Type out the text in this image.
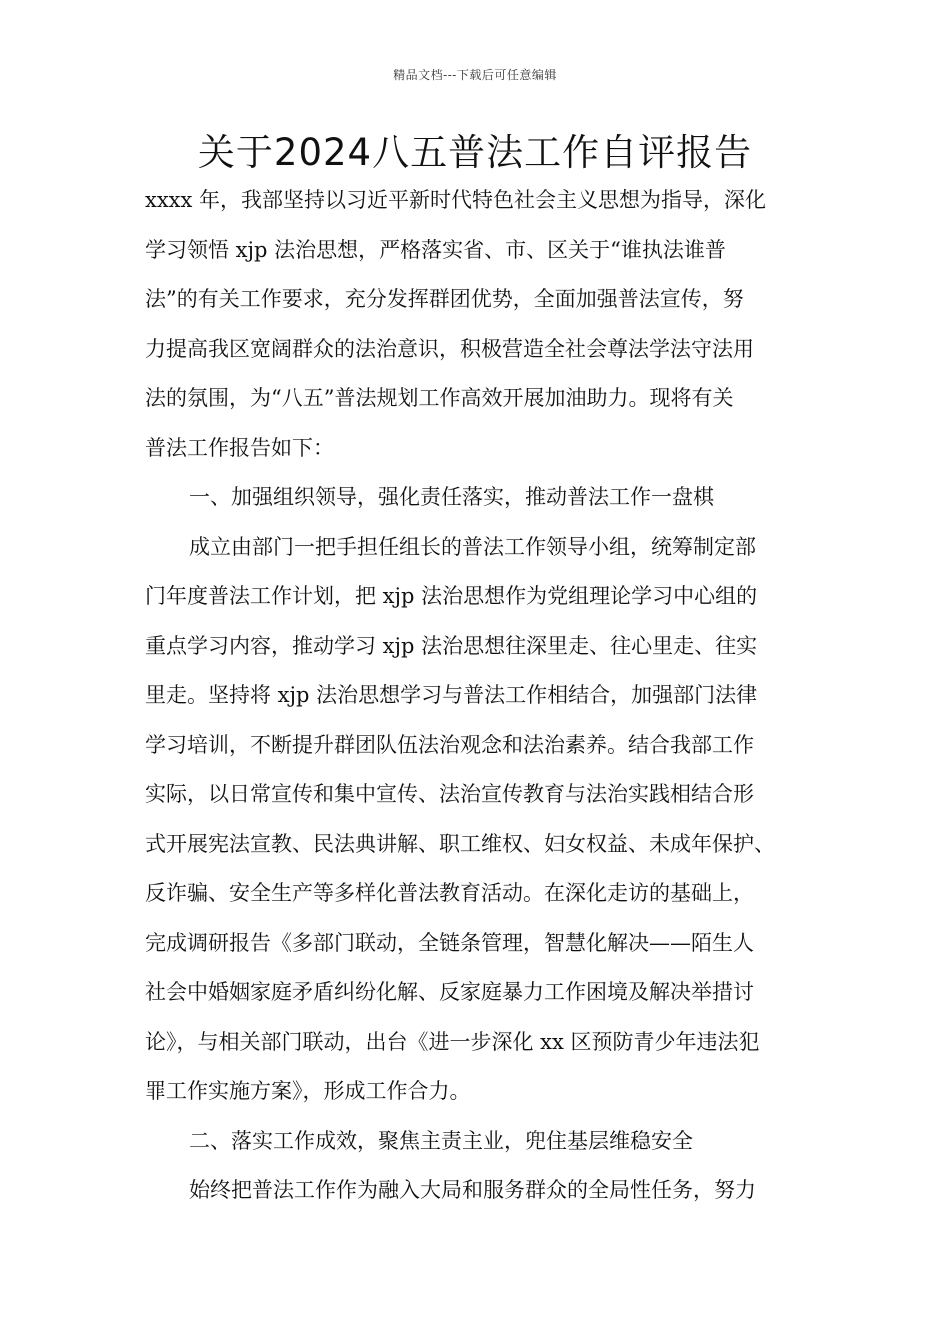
精品文档---下载后可任意编辑
关于2024八五普法工作自评报告
xxxx 年，我部坚持以习近平新时代特色社会主义思想为指导，深化
学习领悟 xjp 法治思想，严格落实省、市、区关于“谁执法谁普
法”的有关工作要求，充分发挥群团优势，全面加强普法宣传，努
力提高我区宽阔群众的法治意识，积极营造全社会尊法学法守法用
法的氛围，为“八五”普法规划工作高效开展加油助力。现将有关
普法工作报告如下：
一、加强组织领导，强化责任落实，推动普法工作一盘棋
成立由部门一把手担任组长的普法工作领导小组，统筹制定部
门年度普法工作计划，把 xjp 法治思想作为党组理论学习中心组的
重点学习内容，推动学习 xjp 法治思想往深里走、往心里走、往实
里走。坚持将 xjp 法治思想学习与普法工作相结合，加强部门法律
学习培训，不断提升群团队伍法治观念和法治素养。结合我部工作
实际，以日常宣传和集中宣传、法治宣传教育与法治实践相结合形
式开展宪法宣教、民法典讲解、职工维权、妇女权益、未成年保护、
反诈骗、安全生产等多样化普法教育活动。在深化走访的基础上，
完成调研报告《多部门联动，全链条管理，智慧化解决——陌生人
社会中婚姻家庭矛盾纠纷化解、反家庭暴力工作困境及解决举措讨
论》，与相关部门联动，出台《进一步深化 xx 区预防青少年违法犯
罪工作实施方案》，形成工作合力。
二、落实工作成效，聚焦主责主业，兜住基层维稳安全
始终把普法工作作为融入大局和服务群众的全局性任务，努力
